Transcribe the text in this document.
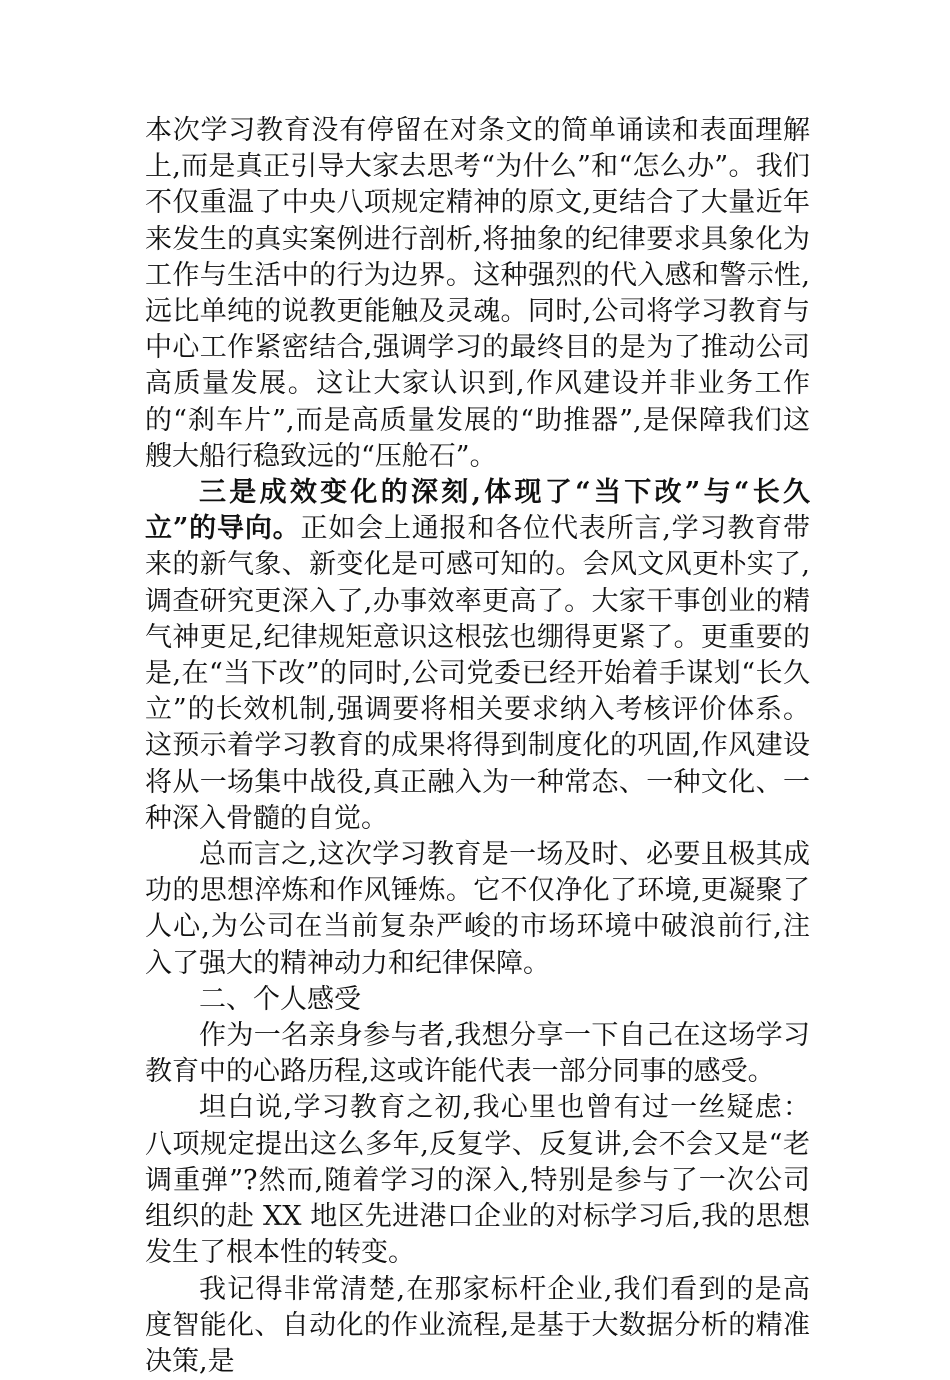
本次学习教育没有停留在对条文的简单诵读和表面理解上,而是真正引导大家去思考“为什么”和“怎么办”。我们不仅重温了中央八项规定精神的原文,更结合了大量近年来发生的真实案例进行剖析,将抽象的纪律要求具象化为工作与生活中的行为边界。这种强烈的代入感和警示性,远比单纯的说教更能触及灵魂。同时,公司将学习教育与中心工作紧密结合,强调学习的最终目的是为了推动公司高质量发展。这让大家认识到,作风建设并非业务工作的“刹车片”,而是高质量发展的“助推器”,是保障我们这艘大船行稳致远的“压舱石”。

三是成效变化的深刻,体现了“当下改”与“长久立”的导向。正如会上通报和各位代表所言,学习教育带来的新气象、新变化是可感可知的。会风文风更朴实了,调查研究更深入了,办事效率更高了。大家干事创业的精气神更足,纪律规矩意识这根弦也绷得更紧了。更重要的是,在“当下改”的同时,公司党委已经开始着手谋划“长久立”的长效机制,强调要将相关要求纳入考核评价体系。这预示着学习教育的成果将得到制度化的巩固,作风建设将从一场集中战役,真正融入为一种常态、一种文化、一种深入骨髓的自觉。

总而言之,这次学习教育是一场及时、必要且极其成功的思想淬炼和作风锤炼。它不仅净化了环境,更凝聚了人心,为公司在当前复杂严峻的市场环境中破浪前行,注入了强大的精神动力和纪律保障。

二、个人感受

作为一名亲身参与者,我想分享一下自己在这场学习教育中的心路历程,这或许能代表一部分同事的感受。

坦白说,学习教育之初,我心里也曾有过一丝疑虑：八项规定提出这么多年,反复学、反复讲,会不会又是“老调重弹”?然而,随着学习的深入,特别是参与了一次公司组织的赴 XX 地区先进港口企业的对标学习后,我的思想发生了根本性的转变。

我记得非常清楚,在那家标杆企业,我们看到的是高度智能化、自动化的作业流程,是基于大数据分析的精准决策,是
